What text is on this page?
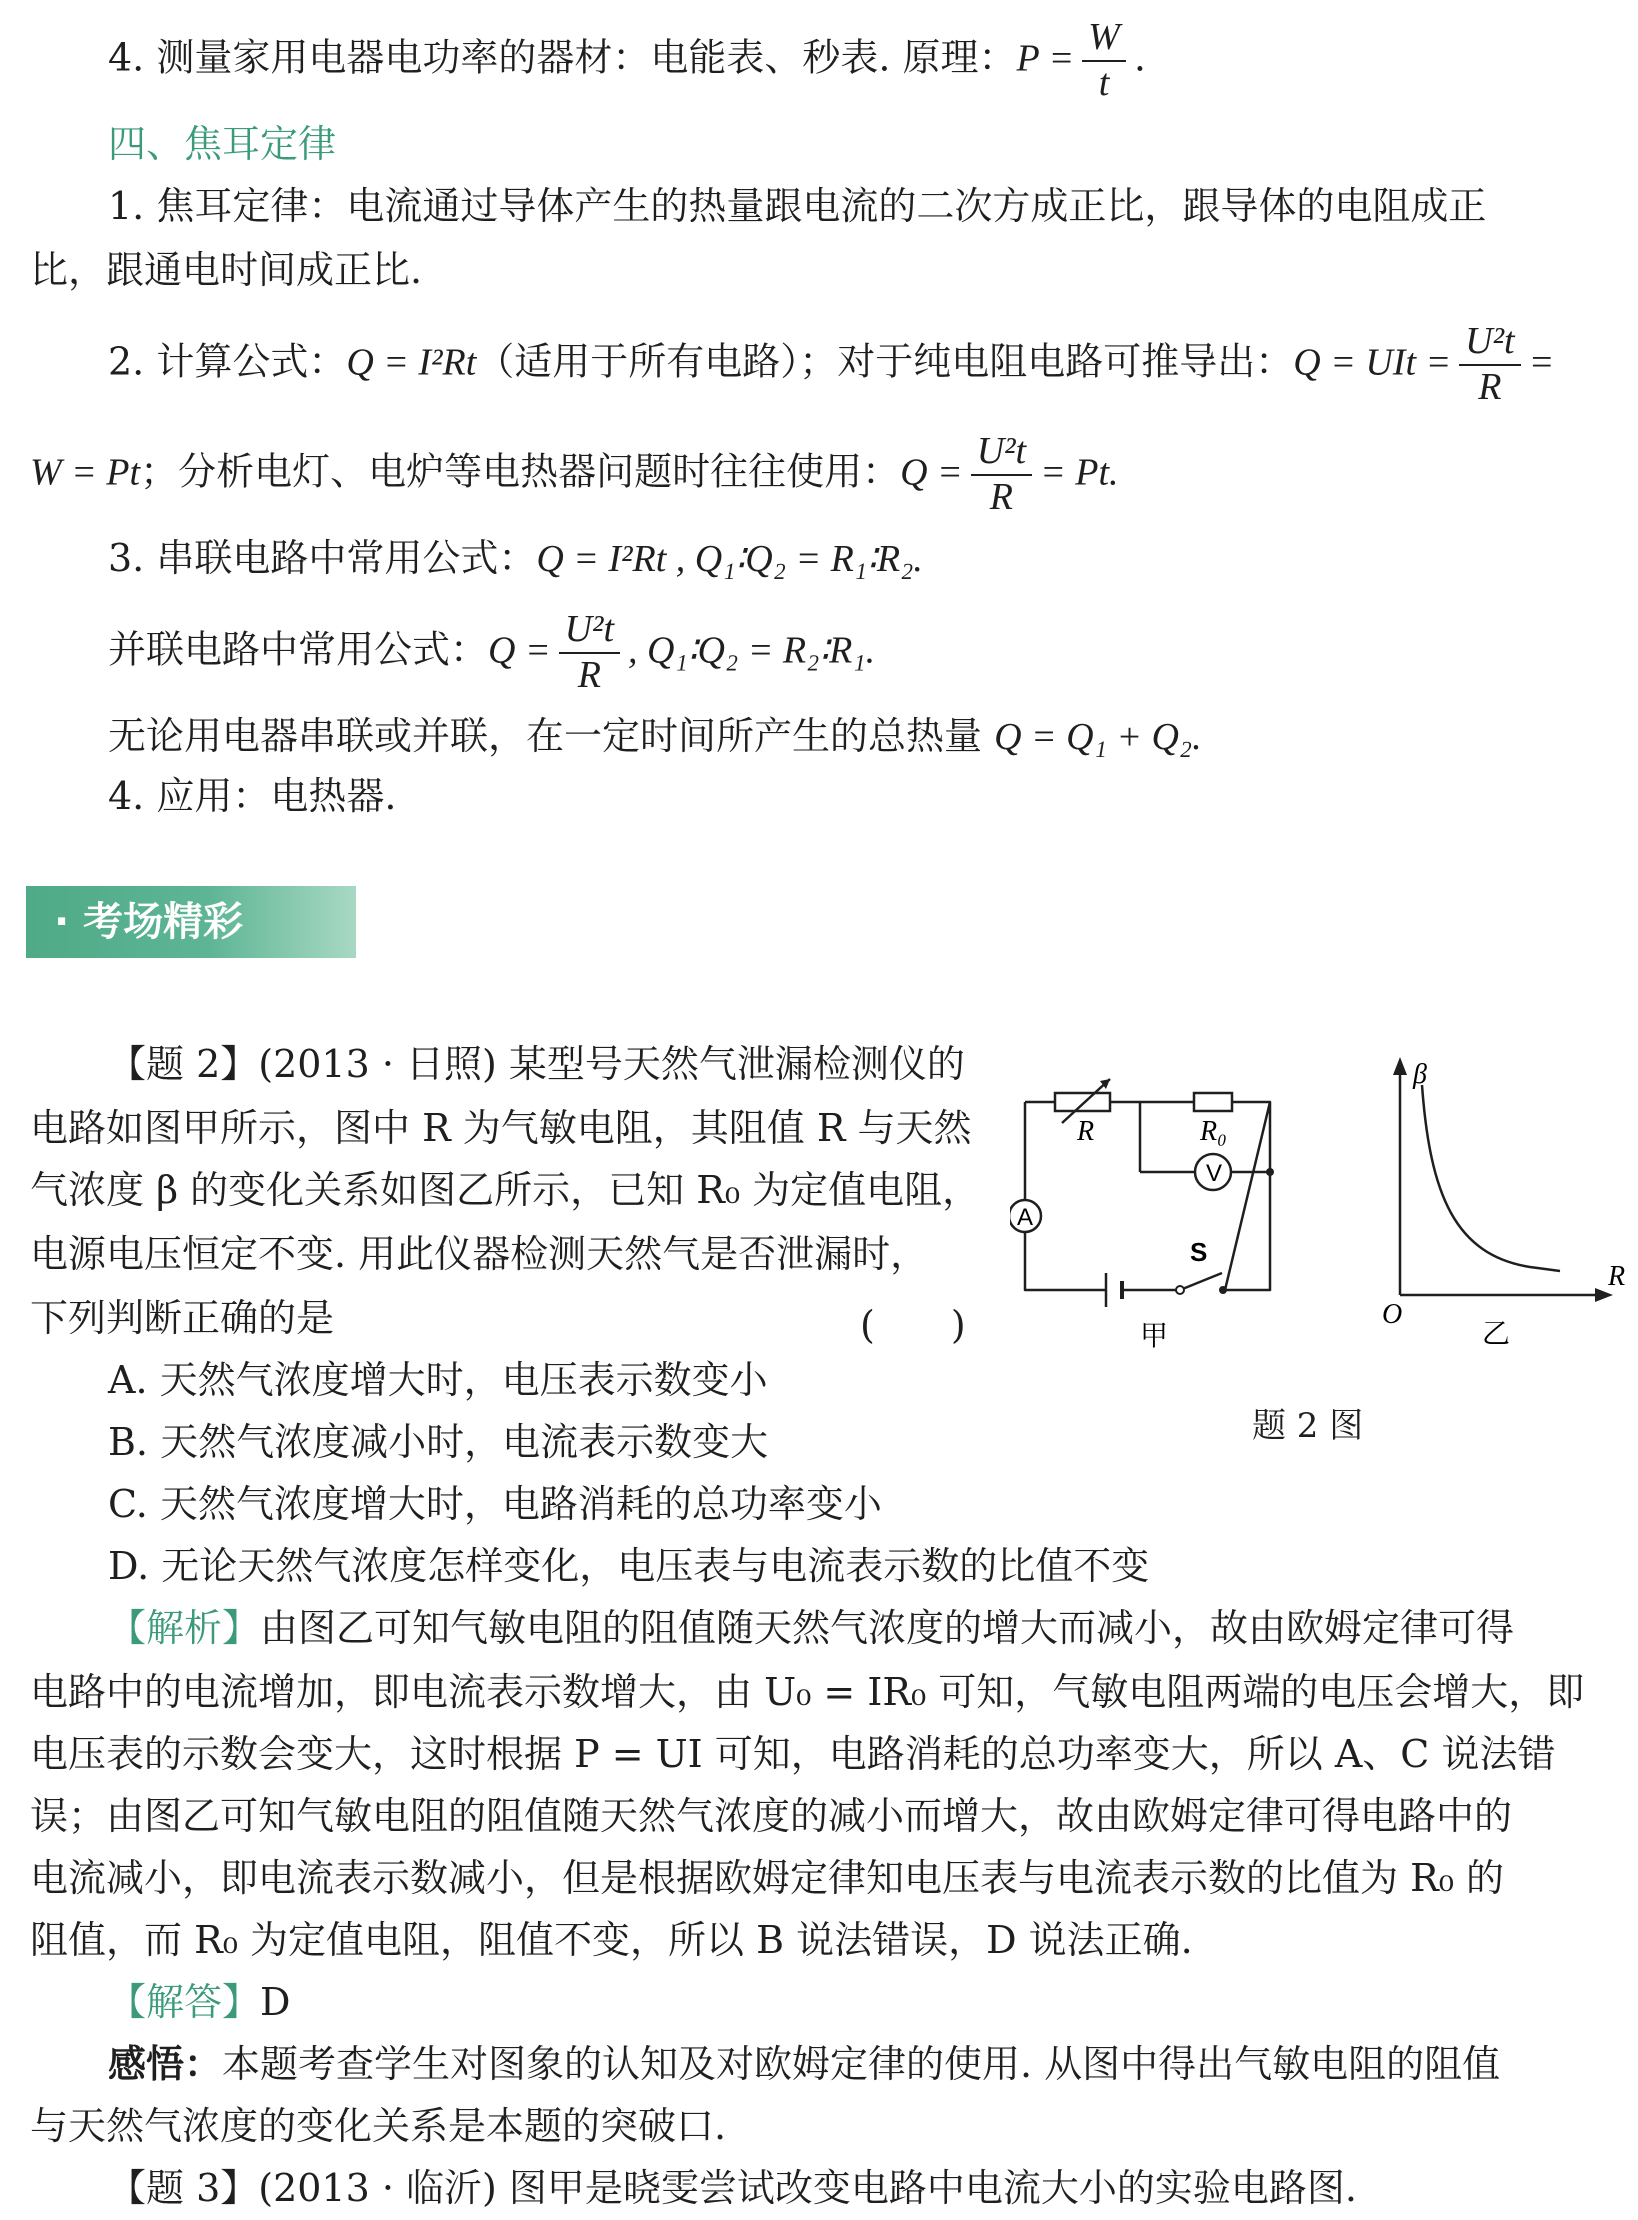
4. 测量家用电器电功率的器材：电能表、秒表. 原理：$P = \frac{W}{t}$ .
四、焦耳定律
1. 焦耳定律：电流通过导体产生的热量跟电流的二次方成正比，跟导体的电阻成正
比，跟通电时间成正比.
2. 计算公式：Q = I²Rt（适用于所有电路）；对于纯电阻电路可推导出：Q = UIt = $\frac{\text{U²t}}{R}$ =
W = Pt；分析电灯、电炉等电热器问题时往往使用：$Q = \frac{\text{U²t}}{R} = Pt$.
3. 串联电路中常用公式：Q = I²Rt , Q₁∶Q₂ = R₁∶R₂.
并联电路中常用公式：$Q = \frac{\text{U²t}}{R}$ , Q₁∶Q₂ = R₂∶R₁.
无论用电器串联或并联，在一定时间所产生的总热量 Q = Q₁ + Q₂.
4. 应用：电热器.
· 考场精彩
【题 2】(2013 · 日照) 某型号天然气泄漏检测仪的
电路如图甲所示，图中 R 为气敏电阻，其阻值 R 与天然
气浓度 β 的变化关系如图乙所示，已知 R₀ 为定值电阻，
电源电压恒定不变. 用此仪器检测天然气是否泄漏时，
下列判断正确的是	(　　)
R	R₀
V
A
S
甲
β
R
O
乙
题 2 图
A. 天然气浓度增大时，电压表示数变小
B. 天然气浓度减小时，电流表示数变大
C. 天然气浓度增大时，电路消耗的总功率变小
D. 无论天然气浓度怎样变化，电压表与电流表示数的比值不变
【解析】由图乙可知气敏电阻的阻值随天然气浓度的增大而减小，故由欧姆定律可得
电路中的电流增加，即电流表示数增大，由 U₀ = IR₀ 可知，气敏电阻两端的电压会增大，即
电压表的示数会变大，这时根据 P = UI 可知，电路消耗的总功率变大，所以 A、C 说法错
误；由图乙可知气敏电阻的阻值随天然气浓度的减小而增大，故由欧姆定律可得电路中的
电流减小，即电流表示数减小，但是根据欧姆定律知电压表与电流表示数的比值为 R₀ 的
阻值，而 R₀ 为定值电阻，阻值不变，所以 B 说法错误，D 说法正确.
【解答】D
感悟：本题考查学生对图象的认知及对欧姆定律的使用. 从图中得出气敏电阻的阻值
与天然气浓度的变化关系是本题的突破口.
【题 3】(2013 · 临沂) 图甲是晓雯尝试改变电路中电流大小的实验电路图.
